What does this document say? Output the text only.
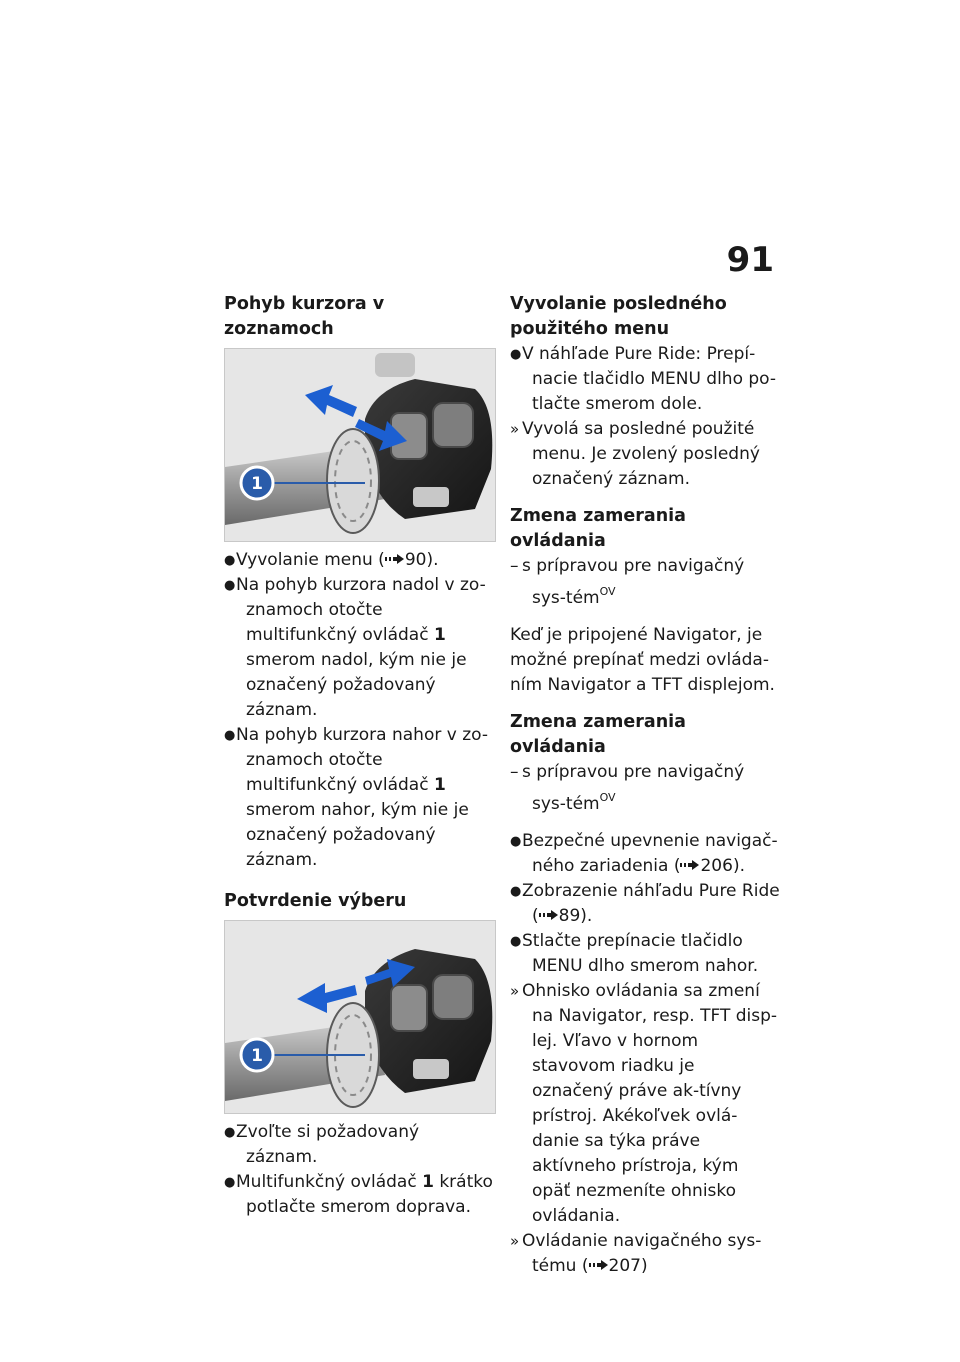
91

Pohyb kurzora v zoznamoch

1
● Vyvolanie menu ( 90).
● Na pohyb kurzora nadol v zo-znamoch otočte multifunkčný ovládač 1 smerom nadol, kým nie je označený požadovaný záznam.
● Na pohyb kurzora nahor v zo-znamoch otočte multifunkčný ovládač 1 smerom nahor, kým nie je označený požadovaný záznam.

Potvrdenie výberu

1
● Zvoľte si požadovaný záznam.
● Multifunkčný ovládač 1 krátko potlačte smerom doprava.

Vyvolanie posledného použitého menu

● V náhľade Pure Ride: Prepí-nacie tlačidlo MENU dlho po-tlačte smerom dole.
» Vyvolá sa posledné použité menu. Je zvolený posledný označený záznam.

Zmena zamerania ovládania

– s prípravou pre navigačný sys-tém$^{OV}$

Keď je pripojené Navigator, je možné prepínať medzi ovláda-ním Navigator a TFT displejom.

Zmena zamerania ovládania

– s prípravou pre navigačný sys-tém$^{OV}$
● Bezpečné upevnenie navigač-ného zariadenia ( 206).
● Zobrazenie náhľadu Pure Ride ( 89).
● Stlačte prepínacie tlačidlo MENU dlho smerom nahor.
» Ohnisko ovládania sa zmení na Navigator, resp. TFT disp-lej. Vľavo v hornom stavovom riadku je označený práve ak-tívny prístroj. Akékoľvek ovlá-danie sa týka práve aktívneho prístroja, kým opäť nezmeníte ohnisko ovládania.
» Ovládanie navigačného sys-tému ( 207)
